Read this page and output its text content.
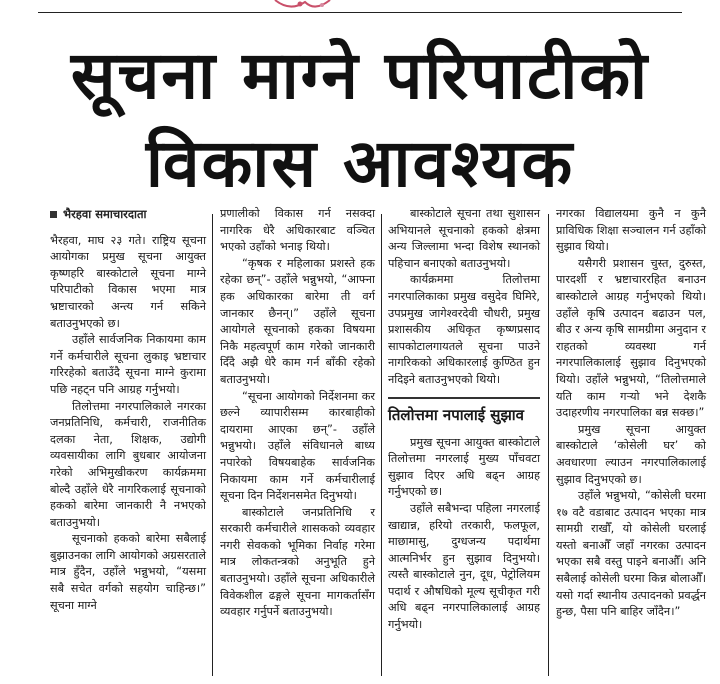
सूचना माग्ने परिपाटीको
विकास आवश्यक
भैरहवा समाचारदाता

भैरहवा, माघ २३ गते। राष्ट्रिय सूचना आयोगका प्रमुख सूचना आयुक्त कृष्णहरि बास्कोटाले सूचना माग्ने परिपाटीको विकास भएमा मात्र भ्रष्टाचारको अन्त्य गर्न सकिने बताउनुभएको छ।

उहाँले सार्वजनिक निकायमा काम गर्ने कर्मचारीले सूचना लुकाइ भ्रष्टाचार गरिरहेको बताउँदै सूचना माग्ने कुरामा पछि नहट्न पनि आग्रह गर्नुभयो।

तिलोत्तमा नगरपालिकाले नगरका जनप्रतिनिधि, कर्मचारी, राजनीतिक दलका नेता, शिक्षक, उद्योगी व्यवसायीका लागि बुधबार आयोजना गरेको अभिमुखीकरण कार्यक्रममा बोल्दै उहाँले धेरै नागरिकलाई सूचनाको हकको बारेमा जानकारी नै नभएको बताउनुभयो।

सूचनाको हकको बारेमा सबैलाई बुझाउनका लागि आयोगको अग्रसरताले मात्र हुँदैन, उहाँले भन्नुभयो, “यसमा सबै सचेत वर्गको सहयोग चाहिन्छ।” सूचना माग्ने

प्रणालीको विकास गर्न नसक्दा नागरिक धेरै अधिकारबाट वञ्चित भएको उहाँको भनाइ थियो।

“कृषक र महिलाका प्रशस्ते हक रहेका छन्”- उहाँले भन्नुभयो, “आफ्ना हक अधिकारका बारेमा ती वर्ग जानकार छैनन्।” उहाँले सूचना आयोगले सूचनाको हकका विषयमा निकै महत्वपूर्ण काम गरेको जानकारी दिँदै अझै धेरै काम गर्न बाँकी रहेको बताउनुभयो।

“सूचना आयोगको निर्देशनमा कर छल्ने व्यापारीसम्म कारबाहीको दायरामा आएका छन्”- उहाँले भन्नुभयो। उहाँले संविधानले बाध्य नपारेको विषयबाहेक सार्वजनिक निकायमा काम गर्ने कर्मचारीलाई सूचना दिन निर्देशनसमेत दिनुभयो।

बास्कोटाले जनप्रतिनिधि र सरकारी कर्मचारीले शासकको व्यवहार नगरी सेवकको भूमिका निर्वाह गरेमा मात्र लोकतन्त्रको अनुभूति हुने बताउनुभयो। उहाँले सूचना अधिकारीले विवेकशील ढङ्गले सूचना मागकर्तासँग व्यवहार गर्नुपर्ने बताउनुभयो।

बास्कोटाले सूचना तथा सुशासन अभियानले सूचनाको हकको क्षेत्रमा अन्य जिल्लामा भन्दा विशेष स्थानको पहिचान बनाएको बताउनुभयो।

कार्यक्रममा तिलोत्तमा नगरपालिकाका प्रमुख वसुदेव घिमिरे, उपप्रमुख जागेश्वरदेवी चौधरी, प्रमुख प्रशासकीय अधिकृत कृष्णप्रसाद सापकोटालगायतले सूचना पाउने नागरिकको अधिकारलाई कुण्ठित हुन नदिइने बताउनुभएको थियो।

तिलोत्तमा नपालाई सुझाव

प्रमुख सूचना आयुक्त बास्कोटाले तिलोत्तमा नगरलाई मुख्य पाँचवटा सुझाव दिएर अधि बढ्न आग्रह गर्नुभएको छ।

उहाँले सबैभन्दा पहिला नगरलाई खाद्यान्न, हरियो तरकारी, फलफूल, माछामासु, दुग्धजन्य पदार्थमा आत्मनिर्भर हुन सुझाव दिनुभयो। त्यस्तै बास्कोटाले नुन, दूध, पेट्रोलियम पदार्थ र औषधिको मूल्य सूचीकृत गरी अधि बढ्न नगरपालिकालाई आग्रह गर्नुभयो।

नगरका विद्यालयमा कुनै न कुनै प्राविधिक शिक्षा सञ्चालन गर्न उहाँको सुझाव थियो।

यसैगरी प्रशासन चुस्त, दुरुस्त, पारदर्शी र भ्रष्टाचाररहित बनाउन बास्कोटाले आग्रह गर्नुभएको थियो। उहाँले कृषि उत्पादन बढाउन पल, बीउ र अन्य कृषि सामग्रीमा अनुदान र राहतको व्यवस्था गर्न नगरपालिकालाई सुझाव दिनुभएको थियो। उहाँले भन्नुभयो, “तिलोत्तमाले यति काम गऱ्यो भने देशकै उदाहरणीय नगरपालिका बन्न सक्छ।”

प्रमुख सूचना आयुक्त बास्कोटाले ‘कोसेली घर’ को अवधारणा ल्याउन नगरपालिकालाई सुझाव दिनुभएको छ।

उहाँले भन्नुभयो, “कोसेली घरमा १७ वटै वडाबाट उत्पादन भएका मात्र सामग्री राखौँ, यो कोसेली घरलाई यस्तो बनाऔँ जहाँ नगरका उत्पादन भएका सबै वस्तु पाइने बनाऔँ। अनि सबैलाई कोसेली घरमा किन्न बोलाऔँ। यसो गर्दा स्थानीय उत्पादनको प्रवर्द्धन हुन्छ, पैसा पनि बाहिर जाँदैन।”
